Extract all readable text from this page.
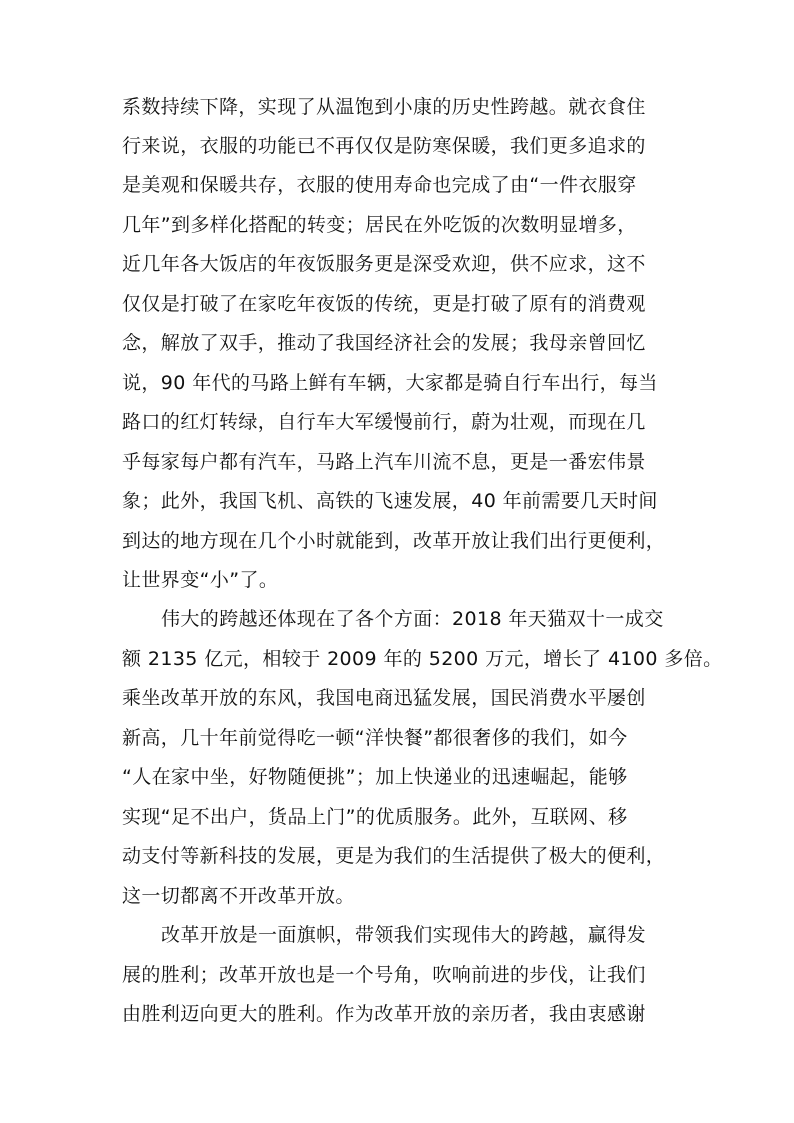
系数持续下降，实现了从温饱到小康的历史性跨越。就衣食住
行来说，衣服的功能已不再仅仅是防寒保暖，我们更多追求的
是美观和保暖共存，衣服的使用寿命也完成了由“一件衣服穿
几年”到多样化搭配的转变；居民在外吃饭的次数明显增多，
近几年各大饭店的年夜饭服务更是深受欢迎，供不应求，这不
仅仅是打破了在家吃年夜饭的传统，更是打破了原有的消费观
念，解放了双手，推动了我国经济社会的发展；我母亲曾回忆
说，90 年代的马路上鲜有车辆，大家都是骑自行车出行，每当
路口的红灯转绿，自行车大军缓慢前行，蔚为壮观，而现在几
乎每家每户都有汽车，马路上汽车川流不息，更是一番宏伟景
象；此外，我国飞机、高铁的飞速发展，40 年前需要几天时间
到达的地方现在几个小时就能到，改革开放让我们出行更便利，
让世界变“小”了。
伟大的跨越还体现在了各个方面：2018 年天猫双十一成交
额 2135 亿元，相较于 2009 年的 5200 万元，增长了 4100 多倍。
乘坐改革开放的东风，我国电商迅猛发展，国民消费水平屡创
新高，几十年前觉得吃一顿“洋快餐”都很奢侈的我们，如今
“人在家中坐，好物随便挑”；加上快递业的迅速崛起，能够
实现“足不出户，货品上门”的优质服务。此外，互联网、移
动支付等新科技的发展，更是为我们的生活提供了极大的便利，
这一切都离不开改革开放。
改革开放是一面旗帜，带领我们实现伟大的跨越，赢得发
展的胜利；改革开放也是一个号角，吹响前进的步伐，让我们
由胜利迈向更大的胜利。作为改革开放的亲历者，我由衷感谢
